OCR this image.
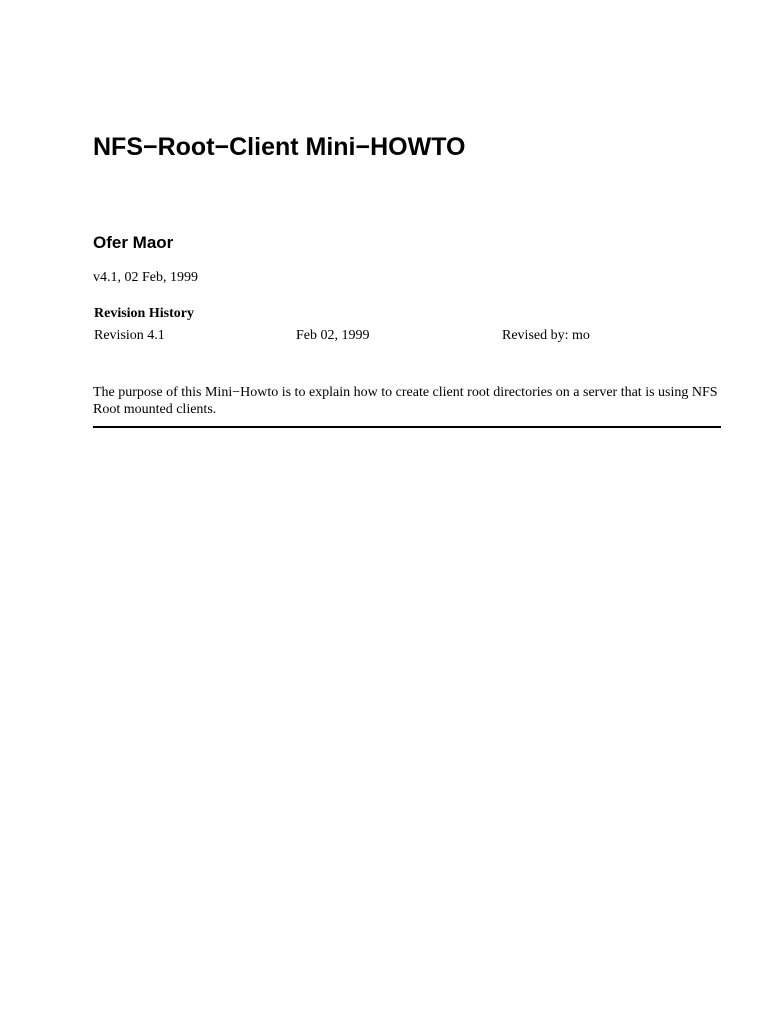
NFS−Root−Client Mini−HOWTO
Ofer Maor

v4.1, 02 Feb, 1999

Revision History

Revision 4.1	Feb 02, 1999	Revised by: mo

The purpose of this Mini−Howto is to explain how to create client root directories on a server that is using NFS Root mounted clients.
